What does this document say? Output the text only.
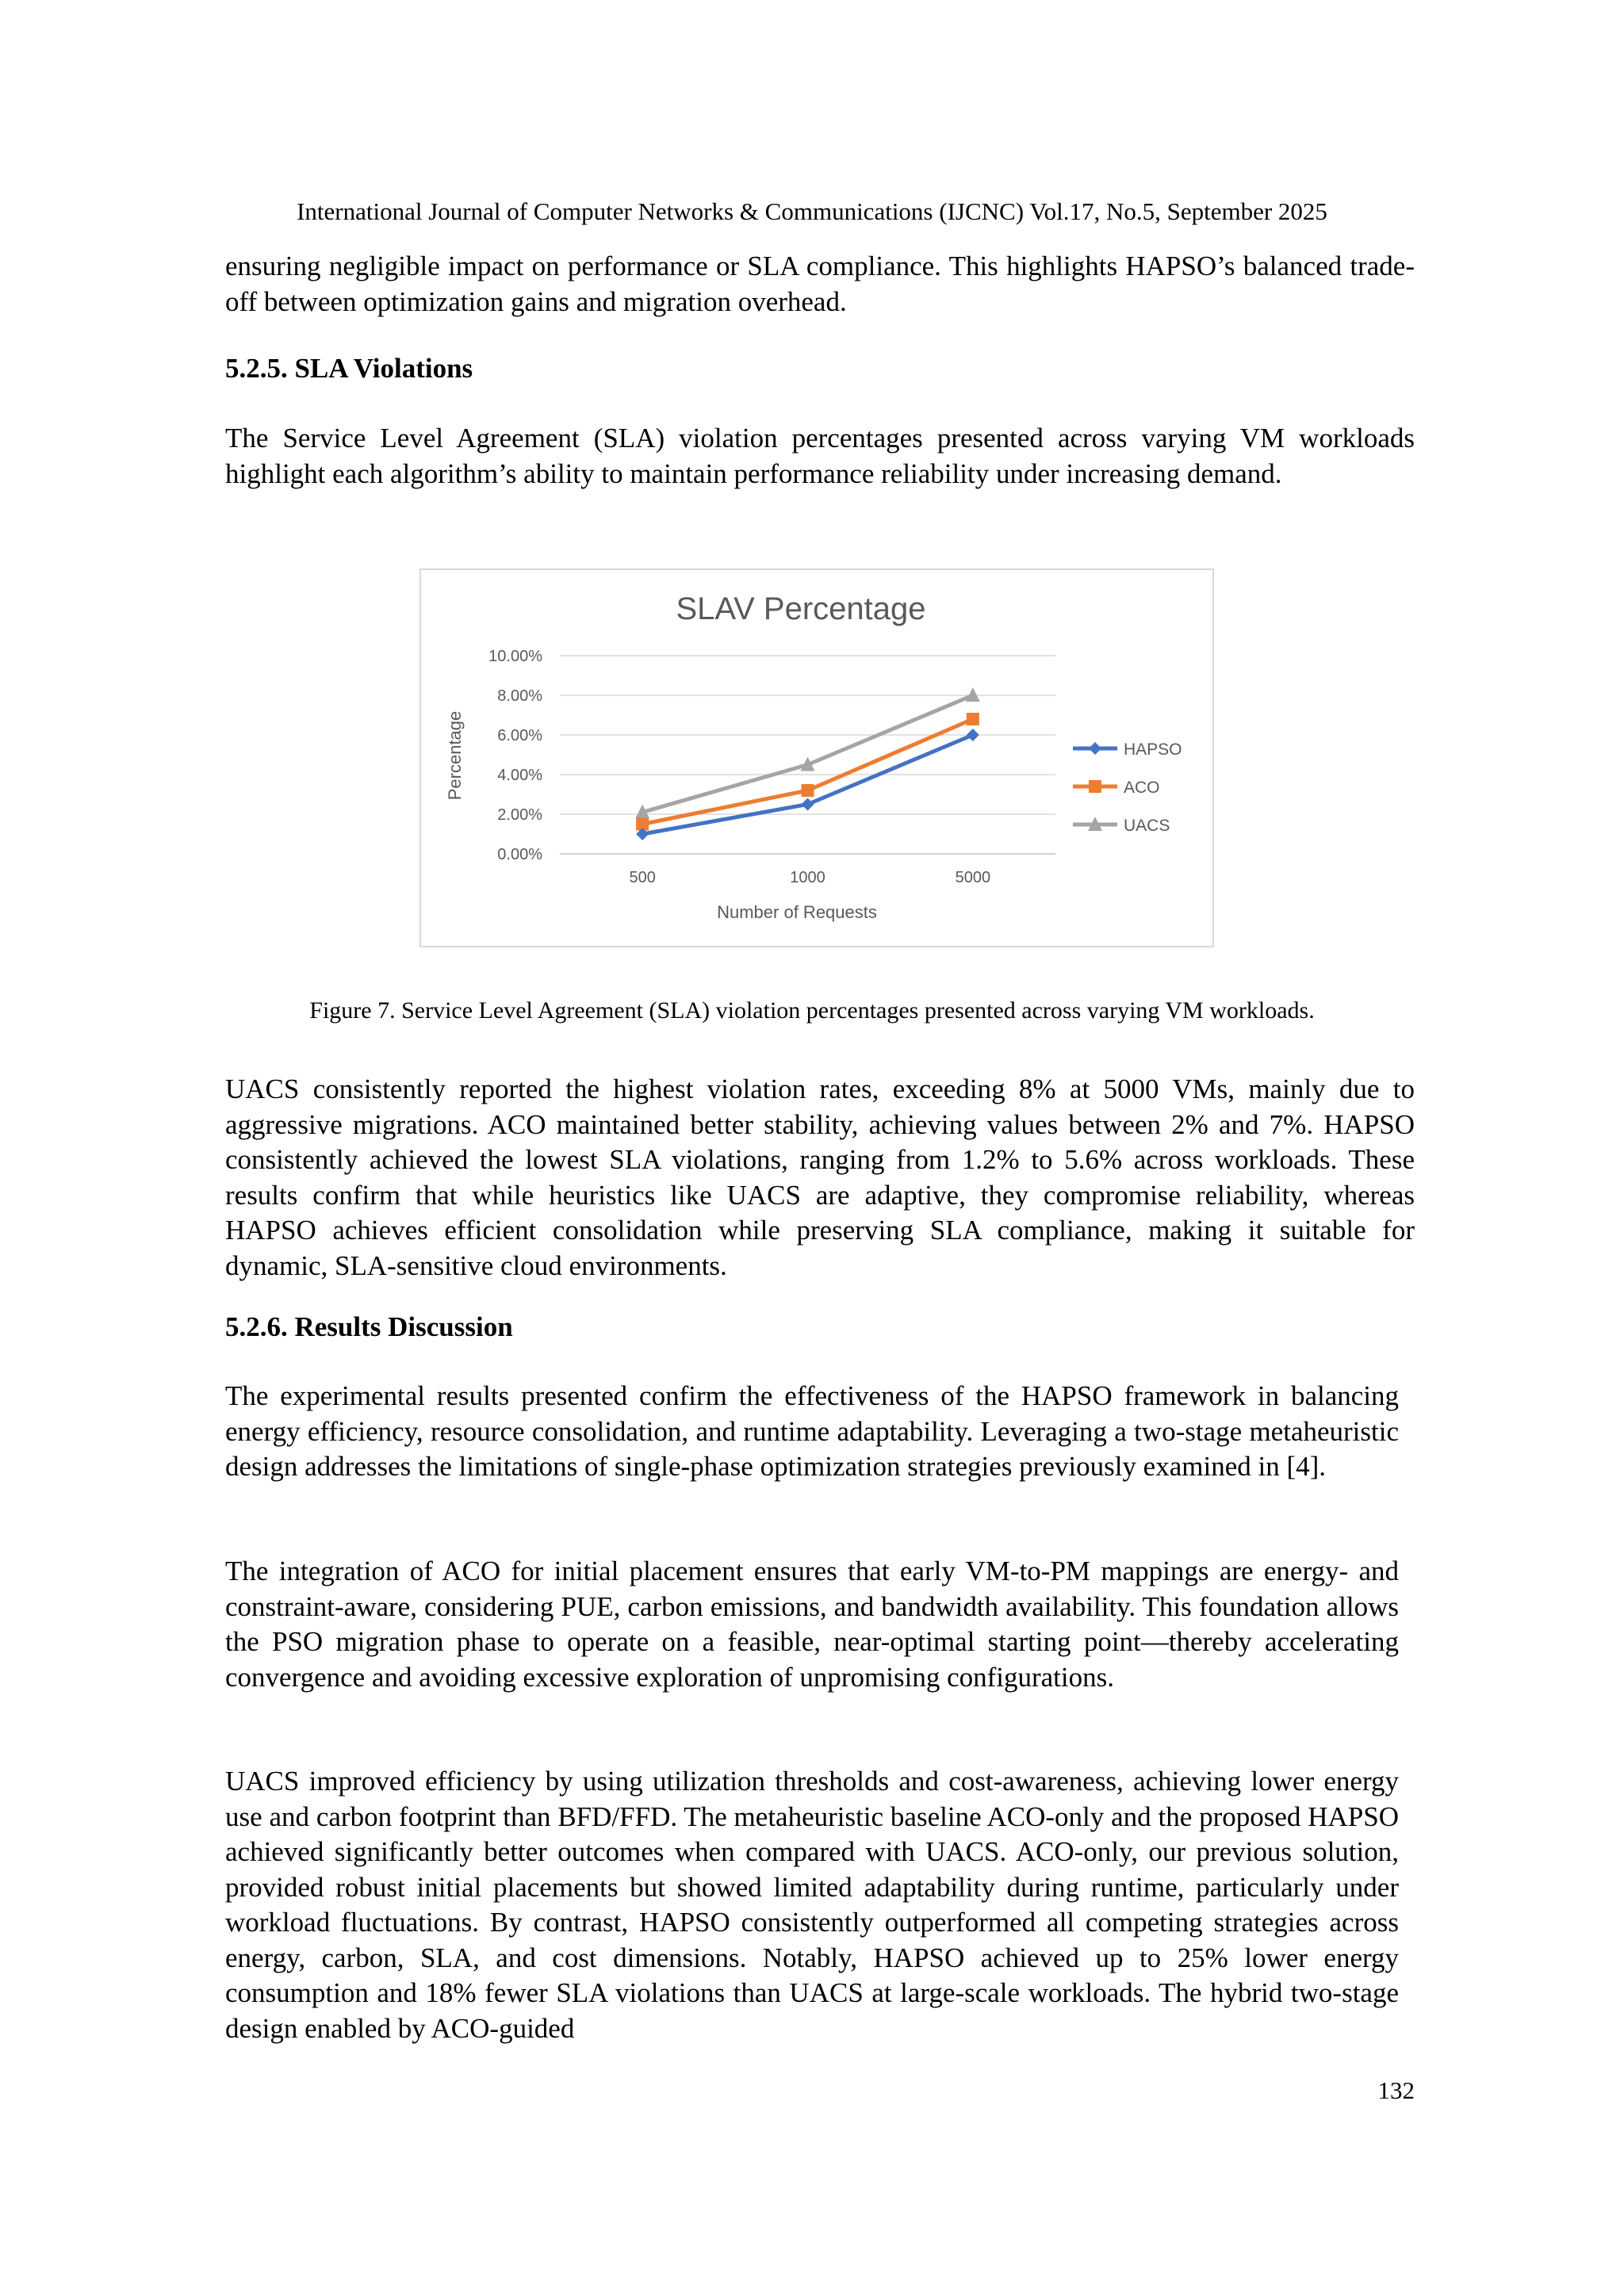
International Journal of Computer Networks & Communications (IJCNC) Vol.17, No.5, September 2025

ensuring negligible impact on performance or SLA compliance. This highlights HAPSO’s balanced trade-off between optimization gains and migration overhead.

5.2.5. SLA Violations

The Service Level Agreement (SLA) violation percentages presented across varying VM workloads highlight each algorithm’s ability to maintain performance reliability under increasing demand.

SLAV Percentage
0.00%
2.00%
4.00%
6.00%
8.00%
10.00%
500	1000	5000
HAPSO
ACO
UACS
Number of Requests
Percentage
Figure 7. Service Level Agreement (SLA) violation percentages presented across varying VM workloads.

UACS consistently reported the highest violation rates, exceeding 8% at 5000 VMs, mainly due to aggressive migrations. ACO maintained better stability, achieving values between 2% and 7%. HAPSO consistently achieved the lowest SLA violations, ranging from 1.2% to 5.6% across workloads. These results confirm that while heuristics like UACS are adaptive, they compromise reliability, whereas HAPSO achieves efficient consolidation while preserving SLA compliance, making it suitable for dynamic, SLA-sensitive cloud environments.

5.2.6. Results Discussion

The experimental results presented confirm the effectiveness of the HAPSO framework in balancing energy efficiency, resource consolidation, and runtime adaptability. Leveraging a two-stage metaheuristic design addresses the limitations of single-phase optimization strategies previously examined in [4].

The integration of ACO for initial placement ensures that early VM-to-PM mappings are energy- and constraint-aware, considering PUE, carbon emissions, and bandwidth availability. This foundation allows the PSO migration phase to operate on a feasible, near-optimal starting point—thereby accelerating convergence and avoiding excessive exploration of unpromising configurations.

UACS improved efficiency by using utilization thresholds and cost-awareness, achieving lower energy use and carbon footprint than BFD/FFD. The metaheuristic baseline ACO-only and the proposed HAPSO achieved significantly better outcomes when compared with UACS. ACO-only, our previous solution, provided robust initial placements but showed limited adaptability during runtime, particularly under workload fluctuations. By contrast, HAPSO consistently outperformed all competing strategies across energy, carbon, SLA, and cost dimensions. Notably, HAPSO achieved up to 25% lower energy consumption and 18% fewer SLA violations than UACS at large-scale workloads. The hybrid two-stage design enabled by ACO-guided

132
